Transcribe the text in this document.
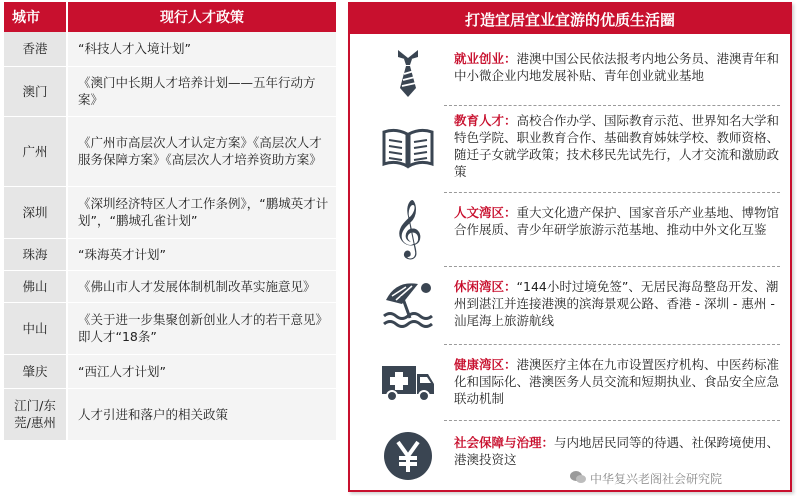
城市	现行人才政策
香港	“科技人才入境计划”
澳门	《澳门中长期人才培养计划——五年行动方案》
广州	《广州市高层次人才认定方案》《高层次人才服务保障方案》《高层次人才培养资助方案》
深圳	《深圳经济特区人才工作条例》，“鹏城英才计划”，“鹏城孔雀计划”
珠海	“珠海英才计划”
佛山	《佛山市人才发展体制机制改革实施意见》
中山	《关于进一步集聚创新创业人才的若干意见》即人才“18条”
肇庆	“西江人才计划”
江门/东莞/惠州	人才引进和落户的相关政策
打造宜居宜业宜游的优质生活圈
就业创业：港澳中国公民依法报考内地公务员、港澳青年和中小微企业内地发展补贴、青年创业就业基地
教育人才：高校合作办学、国际教育示范、世界知名大学和特色学院、职业教育合作、基础教育姊妹学校、教师资格、随迁子女就学政策；技术移民先试先行，人才交流和激励政策
𝄞	人文湾区：重大文化遗产保护、国家音乐产业基地、博物馆合作展质、青少年研学旅游示范基地、推动中外文化互鉴
休闲湾区：“144小时过境免签”、无居民海岛整岛开发、潮州到湛江并连接港澳的滨海景观公路、香港 - 深圳 - 惠州 - 汕尾海上旅游航线
健康湾区：港澳医疗主体在九市设置医疗机构、中医药标准化和国际化、港澳医务人员交流和短期执业、食品安全应急联动机制
社会保障与治理：与内地居民同等的待遇、社保跨境使用、港澳投资这
中华复兴老阁社会研究院
